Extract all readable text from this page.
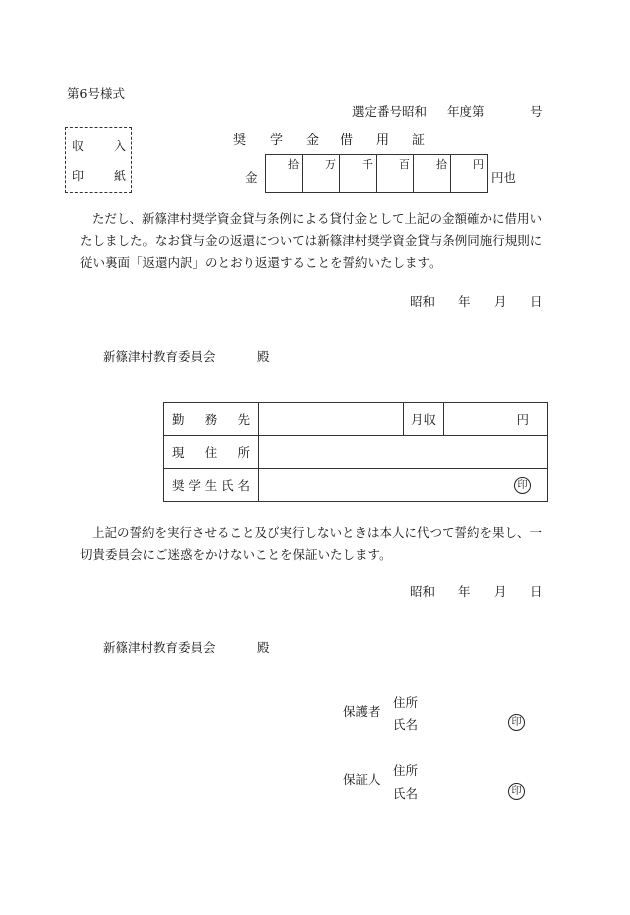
第6号様式
選定番号昭和 年度第	号
収 入
印 紙
奨 学 金 借 用 証
金
拾	万	千	百	拾	円
円也
ただし、新篠津村奨学資金貸与条例による貸付金として上記の金額確かに借用いたしました。なお貸与金の返還については新篠津村奨学資金貸与条例同施行規則に従い裏面「返還内訳」のとおり返還することを誓約いたします。
昭和 年 月 日
新篠津村教育委員会	殿
勤務先		月収	円

現住所			

奨学生氏名	印		
上記の誓約を実行させること及び実行しないときは本人に代つて誓約を果し、一切貴委員会にご迷惑をかけないことを保証いたします。
昭和 年 月 日
新篠津村教育委員会	殿
保護者
住所
氏名	印
保証人
住所
氏名	印
